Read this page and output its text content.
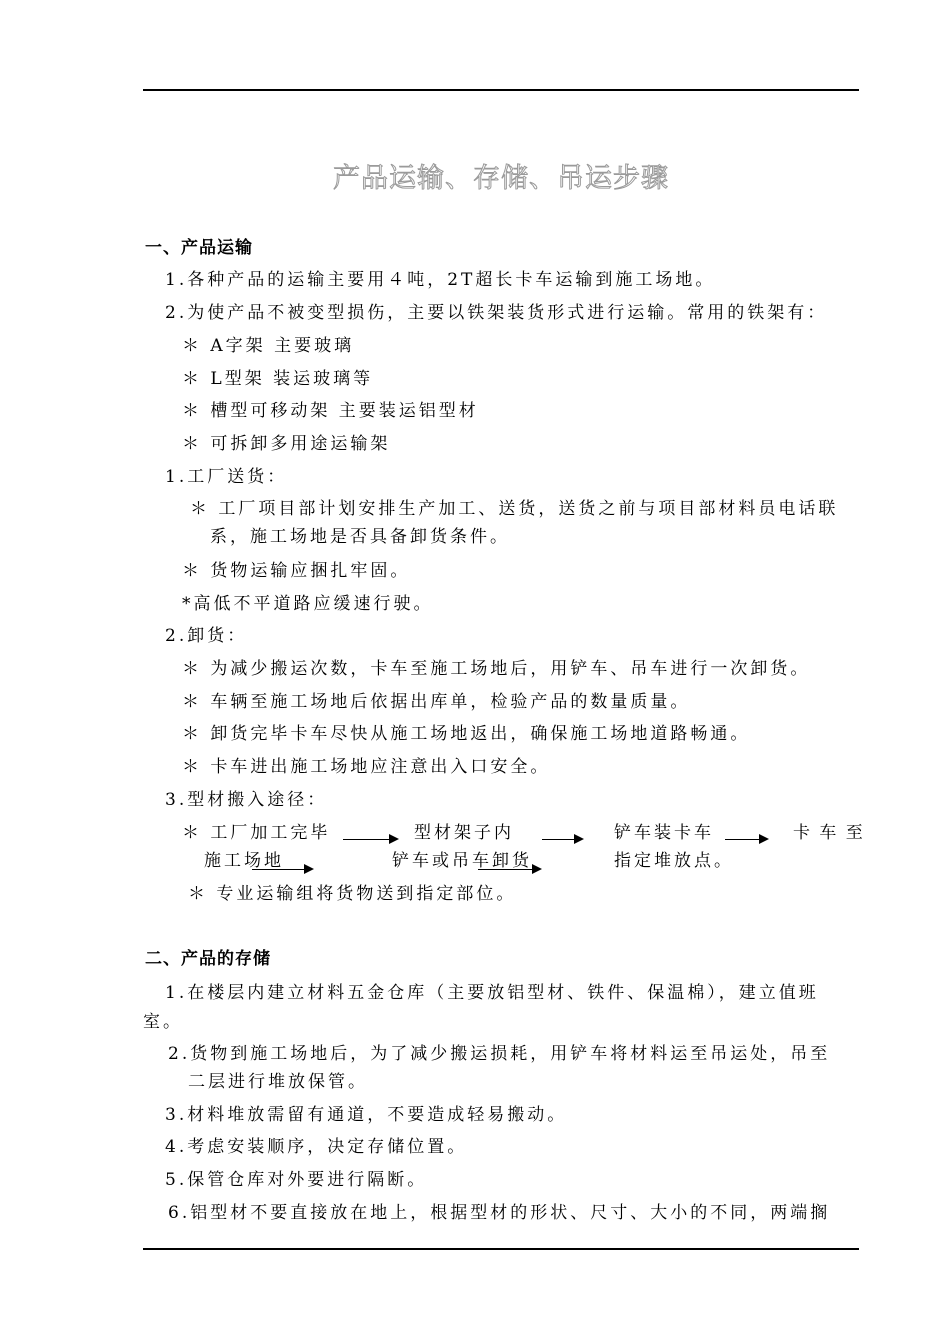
产品运输、存储、吊运步骤
一、产品运输
1.各种产品的运输主要用４吨，2T超长卡车运输到施工场地。
2.为使产品不被变型损伤，主要以铁架装货形式进行运输。常用的铁架有：
＊ A字架 主要玻璃
＊ L型架 装运玻璃等
＊ 槽型可移动架 主要装运铝型材
＊ 可拆卸多用途运输架
1.工厂送货：
＊ 工厂项目部计划安排生产加工、送货，送货之前与项目部材料员电话联
系，施工场地是否具备卸货条件。
＊ 货物运输应捆扎牢固。
*高低不平道路应缓速行驶。
2.卸货：
＊ 为减少搬运次数，卡车至施工场地后，用铲车、吊车进行一次卸货。
＊ 车辆至施工场地后依据出库单，检验产品的数量质量。
＊ 卸货完毕卡车尽快从施工场地返出，确保施工场地道路畅通。
＊ 卡车进出施工场地应注意出入口安全。
3.型材搬入途径：
＊ 工厂加工完毕	型材架子内	铲车装卡车	卡 车 至
施工场地	铲车或吊车卸货	指定堆放点。
＊ 专业运输组将货物送到指定部位。
二、产品的存储
1.在楼层内建立材料五金仓库（主要放铝型材、铁件、保温棉），建立值班
室。
2.货物到施工场地后，为了减少搬运损耗，用铲车将材料运至吊运处，吊至
二层进行堆放保管。
3.材料堆放需留有通道，不要造成轻易搬动。
4.考虑安装顺序，决定存储位置。
5.保管仓库对外要进行隔断。
6.铝型材不要直接放在地上，根据型材的形状、尺寸、大小的不同，两端搁
